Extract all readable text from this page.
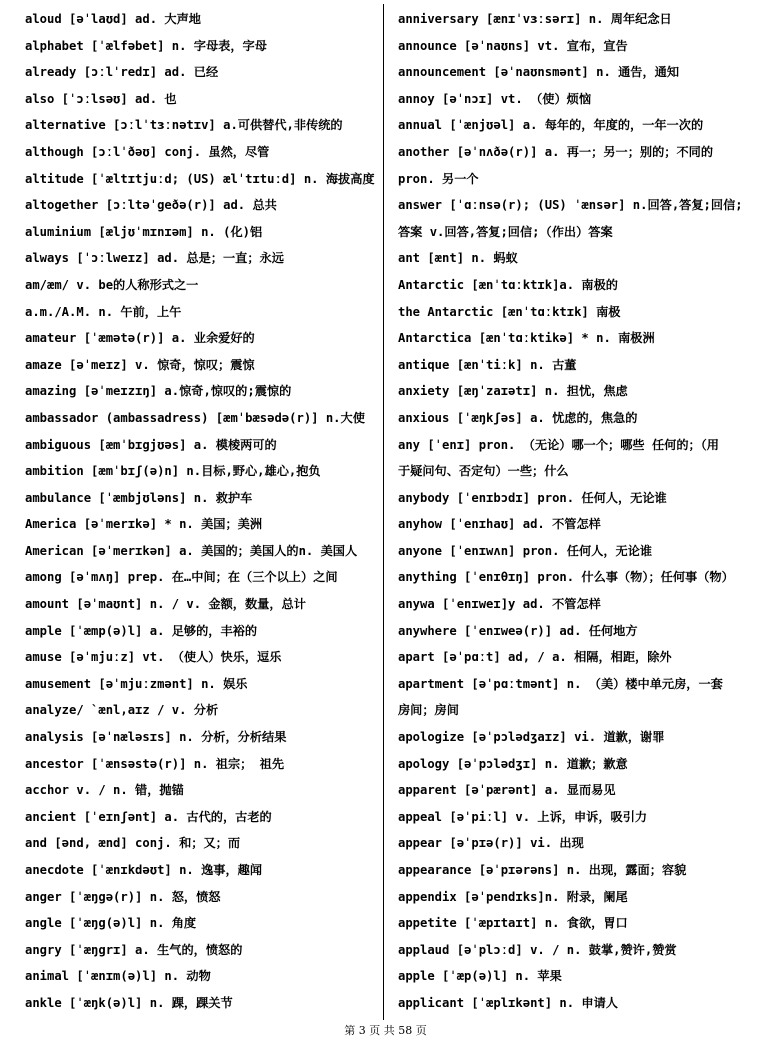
aloud [əˈlaʊd] ad. 大声地
alphabet [ˈælfəbet] n. 字母表，字母
already [ɔːlˈredɪ] ad. 已经
also [ˈɔːlsəʊ] ad. 也
alternative [ɔːlˈtɜːnətɪv] a.可供替代,非传统的
although [ɔːlˈðəʊ] conj. 虽然，尽管
altitude [ˈæltɪtjuːd; (US) ælˈtɪtuːd] n. 海拔高度
altogether [ɔːltəˈgeðə(r)] ad. 总共
aluminium [æljʊˈmɪnɪəm] n. (化)铝
always [ˈɔːlweɪz] ad. 总是；一直；永远
am/æm/ v. be的人称形式之一
a.m./A.M. n. 午前，上午
amateur [ˈæmətə(r)] a. 业余爱好的
amaze [əˈmeɪz] v. 惊奇，惊叹；震惊
amazing [əˈmeɪzɪŋ] a.惊奇,惊叹的;震惊的
ambassador (ambassadress) [æmˈbæsədə(r)] n.大使
ambiguous [æmˈbɪgjʊəs] a. 模棱两可的
ambition [æmˈbɪʃ(ə)n] n.目标,野心,雄心,抱负
ambulance [ˈæmbjʊləns] n. 救护车
America [əˈmerɪkə] * n. 美国；美洲
American [əˈmerɪkən] a. 美国的；美国人的n. 美国人
among [əˈmʌŋ] prep. 在…中间；在（三个以上）之间
amount [əˈmaʊnt] n. / v. 金额，数量，总计
ample [ˈæmp(ə)l] a. 足够的，丰裕的
amuse [əˈmjuːz] vt. （使人）快乐，逗乐
amusement [əˈmjuːzmənt] n. 娱乐
analyze/ `ænl,aɪz / v. 分析
analysis [əˈnæləsɪs] n. 分析，分析结果
ancestor [ˈænsəstə(r)] n. 祖宗； 祖先
acchor v. / n. 错，抛锚
ancient [ˈeɪnʃənt] a. 古代的，古老的
and [ənd, ænd] conj. 和；又；而
anecdote [ˈænɪkdəʊt] n. 逸事，趣闻
anger [ˈæŋgə(r)] n. 怒，愤怒
angle [ˈæŋg(ə)l] n. 角度
angry [ˈæŋgrɪ] a. 生气的，愤怒的
animal [ˈænɪm(ə)l] n. 动物
ankle [ˈæŋk(ə)l] n. 踝，踝关节
anniversary [ænɪˈvɜːsərɪ] n. 周年纪念日
announce [əˈnaʊns] vt. 宣布，宣告
announcement [əˈnaʊnsmənt] n. 通告，通知
annoy [əˈnɔɪ] vt. （使）烦恼
annual [ˈænjʊəl] a. 每年的，年度的，一年一次的
another [əˈnʌðə(r)] a. 再一；另一；别的；不同的
pron. 另一个
answer [ˈɑːnsə(r); (US) ˈænsər] n.回答,答复;回信;
答案 v.回答,答复;回信;（作出）答案
ant [ænt] n. 蚂蚁
Antarctic [ænˈtɑːktɪk]a. 南极的
the Antarctic [ænˈtɑːktɪk] 南极
Antarctica [ænˈtɑːktikə] * n. 南极洲
antique [ænˈtiːk] n. 古董
anxiety [æŋˈzaɪətɪ] n. 担忧，焦虑
anxious [ˈæŋkʃəs] a. 忧虑的，焦急的
any [ˈenɪ] pron. （无论）哪一个；哪些 任何的；（用
于疑问句、否定句）一些；什么
anybody [ˈenɪbɔdɪ] pron. 任何人，无论谁
anyhow [ˈenɪhaʊ] ad. 不管怎样
anyone [ˈenɪwʌn] pron. 任何人，无论谁
anything [ˈenɪθɪŋ] pron. 什么事（物）；任何事（物）
anywa [ˈenɪweɪ]y ad. 不管怎样
anywhere [ˈenɪweə(r)] ad. 任何地方
apart [əˈpɑːt] ad, / a. 相隔，相距，除外
apartment [əˈpɑːtmənt] n. （美）楼中单元房，一套
房间；房间
apologize [əˈpɔlədʒaɪz] vi. 道歉，谢罪
apology [əˈpɔlədʒɪ] n. 道歉；歉意
apparent [əˈpærənt] a. 显而易见
appeal [əˈpiːl] v. 上诉，申诉，吸引力
appear [əˈpɪə(r)] vi. 出现
appearance [əˈpɪərəns] n. 出现，露面；容貌
appendix [əˈpendɪks]n. 附录，阑尾
appetite [ˈæpɪtaɪt] n. 食欲，胃口
applaud [əˈplɔːd] v. / n. 鼓掌,赞许,赞赏
apple [ˈæp(ə)l] n. 苹果
applicant [ˈæplɪkənt] n. 申请人
第 3 页 共 58 页
